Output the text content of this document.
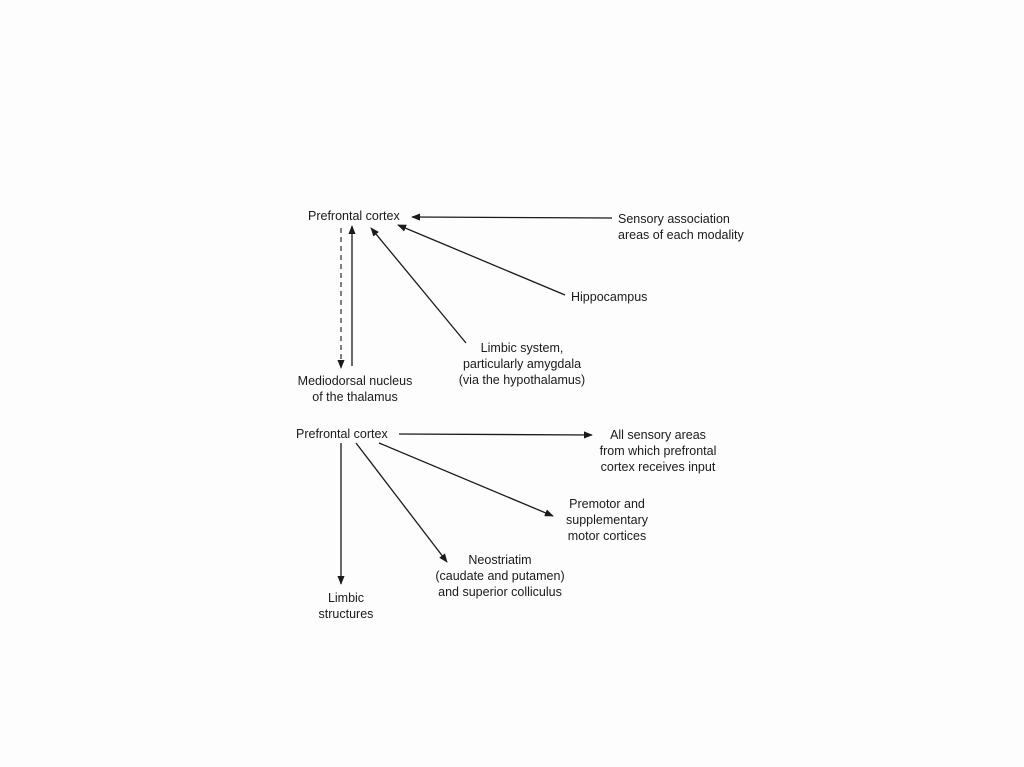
Prefrontal cortex	Sensory association
areas of each modality
Hippocampus
Limbic system,
particularly amygdala
(via the hypothalamus)
Mediodorsal nucleus
of the thalamus
Prefrontal cortex	All sensory areas
from which prefrontal
cortex receives input
Premotor and
supplementary
motor cortices
Neostriatim
(caudate and putamen)
and superior colliculus
Limbic
structures
